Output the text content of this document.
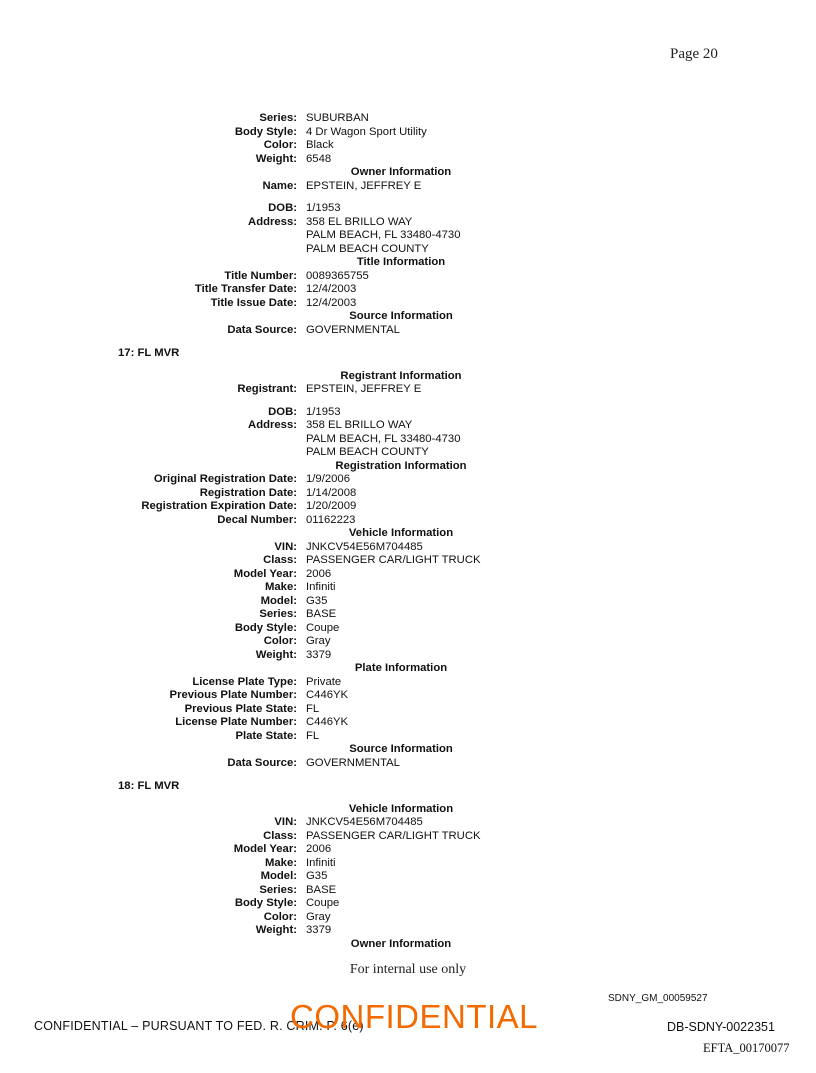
Page 20
Series: SUBURBAN
Body Style: 4 Dr Wagon Sport Utility
Color: Black
Weight: 6548
Owner Information
Name: EPSTEIN, JEFFREY E
DOB: 1/1953
Address: 358 EL BRILLO WAY
PALM BEACH, FL 33480-4730
PALM BEACH COUNTY
Title Information
Title Number: 0089365755
Title Transfer Date: 12/4/2003
Title Issue Date: 12/4/2003
Source Information
Data Source: GOVERNMENTAL
17: FL MVR
Registrant Information
Registrant: EPSTEIN, JEFFREY E
DOB: 1/1953
Address: 358 EL BRILLO WAY
PALM BEACH, FL 33480-4730
PALM BEACH COUNTY
Registration Information
Original Registration Date: 1/9/2006
Registration Date: 1/14/2008
Registration Expiration Date: 1/20/2009
Decal Number: 01162223
Vehicle Information
VIN: JNKCV54E56M704485
Class: PASSENGER CAR/LIGHT TRUCK
Model Year: 2006
Make: Infiniti
Model: G35
Series: BASE
Body Style: Coupe
Color: Gray
Weight: 3379
Plate Information
License Plate Type: Private
Previous Plate Number: C446YK
Previous Plate State: FL
License Plate Number: C446YK
Plate State: FL
Source Information
Data Source: GOVERNMENTAL
18: FL MVR
Vehicle Information
VIN: JNKCV54E56M704485
Class: PASSENGER CAR/LIGHT TRUCK
Model Year: 2006
Make: Infiniti
Model: G35
Series: BASE
Body Style: Coupe
Color: Gray
Weight: 3379
Owner Information
For internal use only
SDNY_GM_00059527
CONFIDENTIAL – PURSUANT TO FED. R. CRIM. P. 6(e)
CONFIDENTIAL	DB-SDNY-0022351
EFTA_00170077
